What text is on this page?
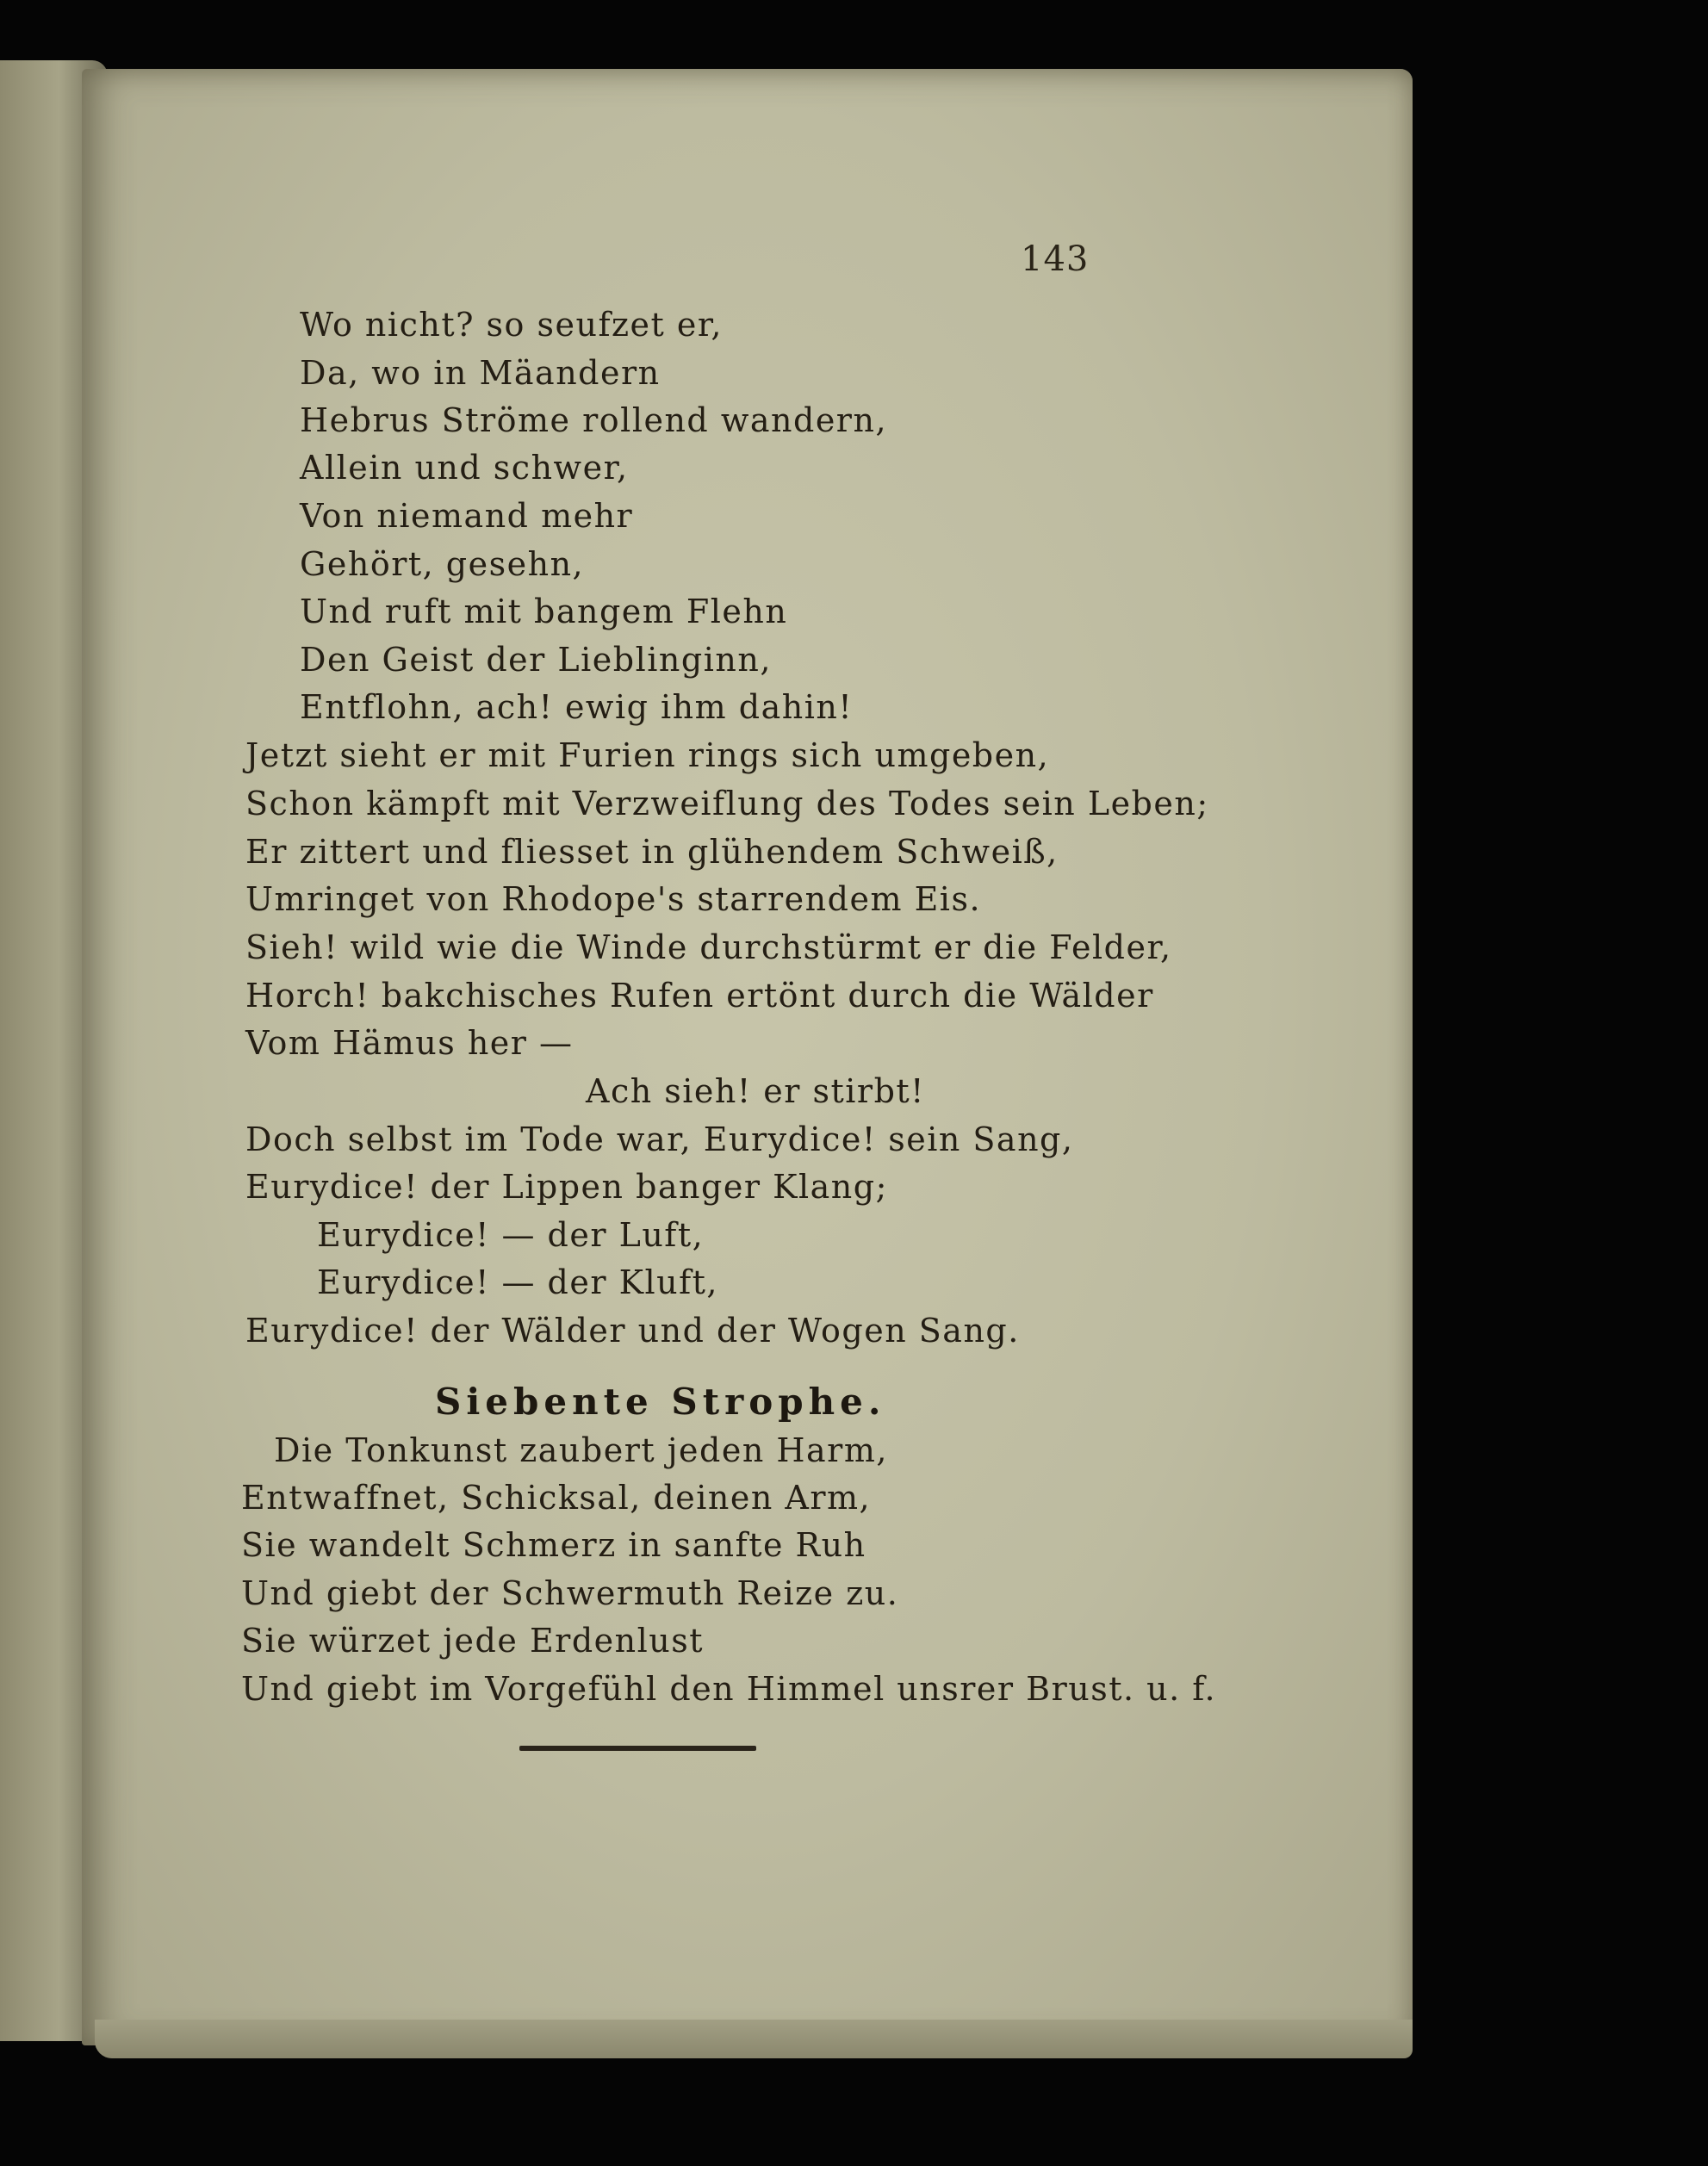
143
Wo nicht? so seufzet er,
Da, wo in Mäandern
Hebrus Ströme rollend wandern,
Allein und schwer,
Von niemand mehr
Gehört, gesehn,
Und ruft mit bangem Flehn
Den Geist der Lieblinginn,
Entflohn, ach! ewig ihm dahin!
Jetzt sieht er mit Furien rings sich umgeben,
Schon kämpft mit Verzweiflung des Todes sein Leben;
Er zittert und fliesset in glühendem Schweiß,
Umringet von Rhodope's starrendem Eis.
Sieh! wild wie die Winde durchstürmt er die Felder,
Horch! bakchisches Rufen ertönt durch die Wälder
Vom Hämus her —
Ach sieh! er stirbt!
Doch selbst im Tode war, Eurydice! sein Sang,
Eurydice! der Lippen banger Klang;
Eurydice! — der Luft,
Eurydice! — der Kluft,
Eurydice! der Wälder und der Wogen Sang.
Siebente Strophe.
Die Tonkunst zaubert jeden Harm,
Entwaffnet, Schicksal, deinen Arm,
Sie wandelt Schmerz in sanfte Ruh
Und giebt der Schwermuth Reize zu.
Sie würzet jede Erdenlust
Und giebt im Vorgefühl den Himmel unsrer Brust. u. f.
